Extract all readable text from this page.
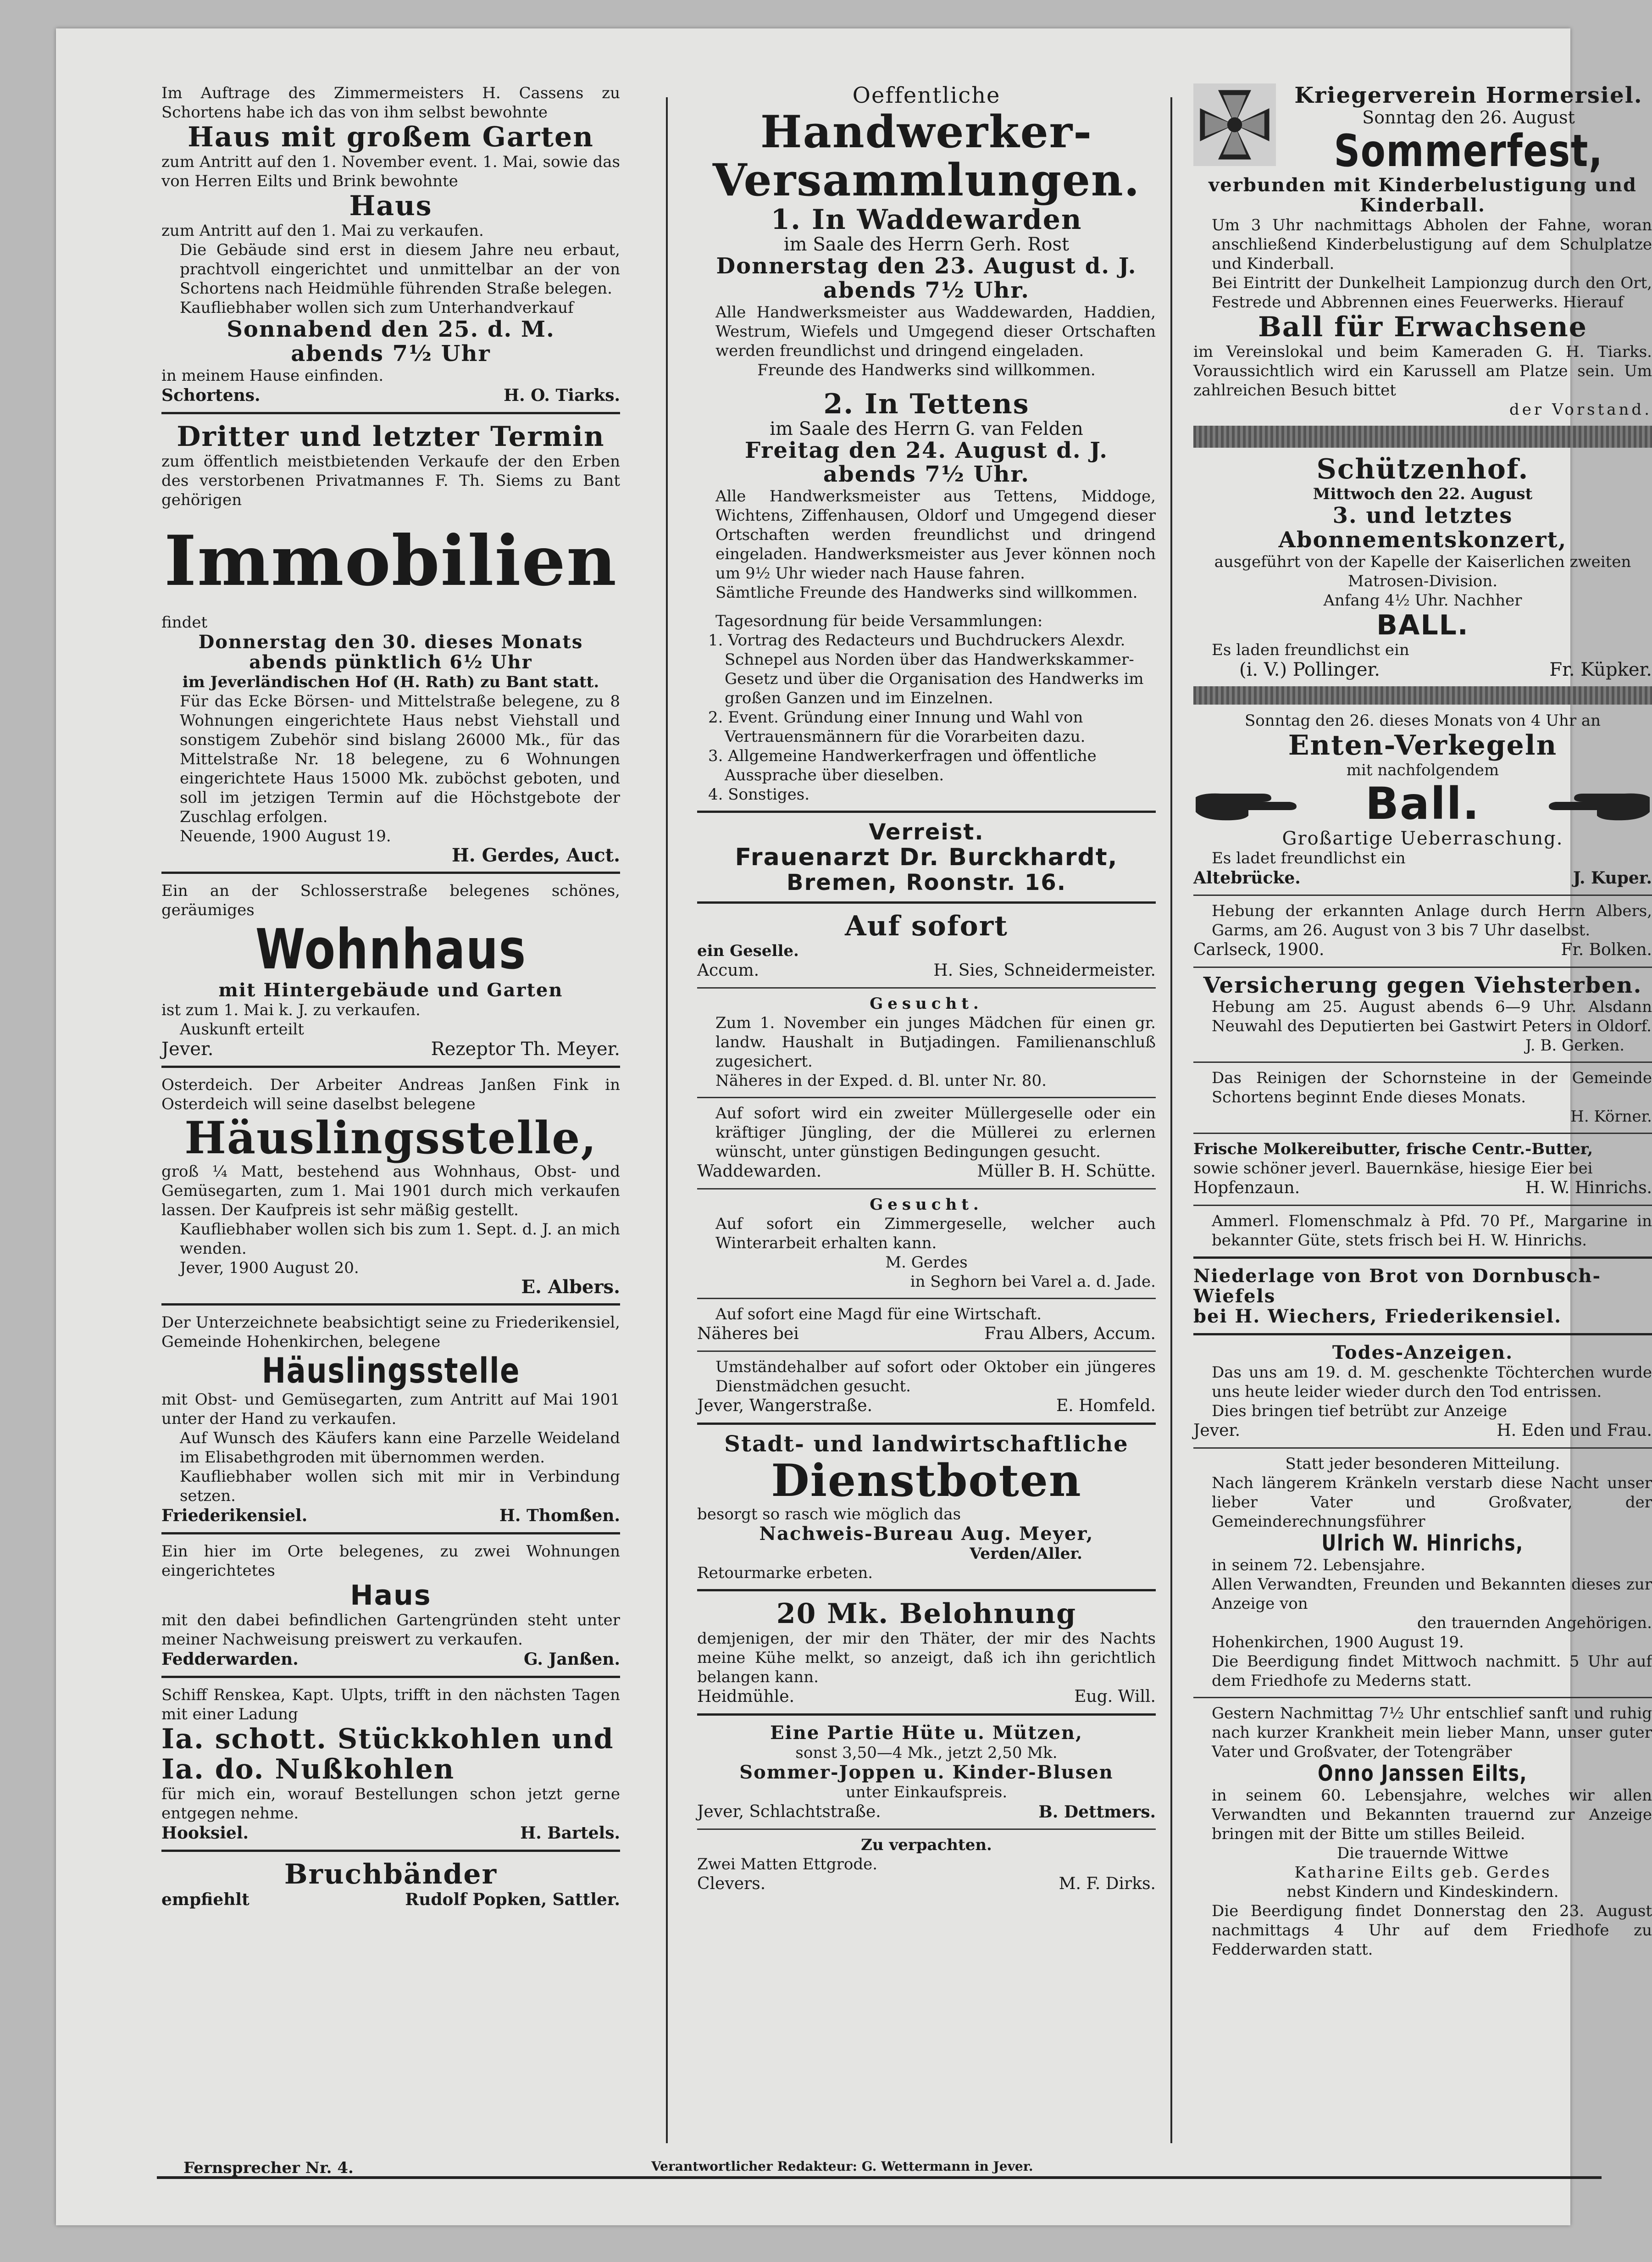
Im Auftrage des Zimmermeisters H. Cassens zu Schortens habe ich das von ihm selbst bewohnte
Haus mit großem Garten
zum Antritt auf den 1. November event. 1. Mai, sowie das von Herren Eilts und Brink bewohnte
Haus
zum Antritt auf den 1. Mai zu verkaufen.
Die Gebäude sind erst in diesem Jahre neu erbaut, prachtvoll eingerichtet und unmittelbar an der von Schortens nach Heidmühle führenden Straße belegen.
Kaufliebhaber wollen sich zum Unterhandverkauf
Sonnabend den 25. d. M.
abends 7½ Uhr
in meinem Hause einfinden.
Schortens.	H. O. Tiarks.
Dritter und letzter Termin
zum öffentlich meistbietenden Verkaufe der den Erben des verstorbenen Privatmannes F. Th. Siems zu Bant gehörigen
Immobilien
findet
Donnerstag den 30. dieses Monats
abends pünktlich 6½ Uhr
im Jeverländischen Hof (H. Rath) zu Bant statt.
Für das Ecke Börsen- und Mittelstraße belegene, zu 8 Wohnungen eingerichtete Haus nebst Viehstall und sonstigem Zubehör sind bislang 26000 Mk., für das Mittelstraße Nr. 18 belegene, zu 6 Wohnungen eingerichtete Haus 15000 Mk. zuböchst geboten, und soll im jetzigen Termin auf die Höchstgebote der Zuschlag erfolgen.
Neuende, 1900 August 19.
H. Gerdes, Auct.
Ein an der Schlosserstraße belegenes schönes, geräumiges
Wohnhaus
mit Hintergebäude und Garten
ist zum 1. Mai k. J. zu verkaufen.
Auskunft erteilt
Jever.	Rezeptor Th. Meyer.
Osterdeich. Der Arbeiter Andreas Janßen Fink in Osterdeich will seine daselbst belegene
Häuslingsstelle,
groß ¼ Matt, bestehend aus Wohnhaus, Obst- und Gemüsegarten, zum 1. Mai 1901 durch mich verkaufen lassen. Der Kaufpreis ist sehr mäßig gestellt.
Kaufliebhaber wollen sich bis zum 1. Sept. d. J. an mich wenden.
Jever, 1900 August 20.
E. Albers.
Der Unterzeichnete beabsichtigt seine zu Friederikensiel, Gemeinde Hohenkirchen, belegene
Häuslingsstelle
mit Obst- und Gemüsegarten, zum Antritt auf Mai 1901 unter der Hand zu verkaufen.
Auf Wunsch des Käufers kann eine Parzelle Weideland im Elisabethgroden mit übernommen werden.
Kaufliebhaber wollen sich mit mir in Verbindung setzen.
Friederikensiel.	H. Thomßen.
Ein hier im Orte belegenes, zu zwei Wohnungen eingerichtetes
Haus
mit den dabei befindlichen Gartengründen steht unter meiner Nachweisung preiswert zu verkaufen.
Fedderwarden.	G. Janßen.
Schiff Renskea, Kapt. Ulpts, trifft in den nächsten Tagen mit einer Ladung
Ia. schott. Stückkohlen und
Ia. do. Nußkohlen
für mich ein, worauf Bestellungen schon jetzt gerne entgegen nehme.
Hooksiel.	H. Bartels.
Bruchbänder
empfiehlt	Rudolf Popken, Sattler.
Oeffentliche
Handwerker-
Versammlungen.
1. In Waddewarden
im Saale des Herrn Gerh. Rost
Donnerstag den 23. August d. J.
abends 7½ Uhr.
Alle Handwerksmeister aus Waddewarden, Haddien, Westrum, Wiefels und Umgegend dieser Ortschaften werden freundlichst und dringend eingeladen.
Freunde des Handwerks sind willkommen.
2. In Tettens
im Saale des Herrn G. van Felden
Freitag den 24. August d. J.
abends 7½ Uhr.
Alle Handwerksmeister aus Tettens, Middoge, Wichtens, Ziffenhausen, Oldorf und Umgegend dieser Ortschaften werden freundlichst und dringend eingeladen. Handwerksmeister aus Jever können noch um 9½ Uhr wieder nach Hause fahren.
Sämtliche Freunde des Handwerks sind willkommen.
Tagesordnung für beide Versammlungen:
1. Vortrag des Redacteurs und Buchdruckers Alexdr. Schnepel aus Norden über das Handwerkskammer-Gesetz und über die Organisation des Handwerks im großen Ganzen und im Einzelnen.
2. Event. Gründung einer Innung und Wahl von Vertrauensmännern für die Vorarbeiten dazu.
3. Allgemeine Handwerkerfragen und öffentliche Aussprache über dieselben.
4. Sonstiges.
Verreist.
Frauenarzt Dr. Burckhardt,
Bremen, Roonstr. 16.
Auf sofort
ein Geselle.
Accum.	H. Sies, Schneidermeister.
Gesucht.
Zum 1. November ein junges Mädchen für einen gr. landw. Haushalt in Butjadingen. Familienanschluß zugesichert.
Näheres in der Exped. d. Bl. unter Nr. 80.
Auf sofort wird ein zweiter Müllergeselle oder ein kräftiger Jüngling, der die Müllerei zu erlernen wünscht, unter günstigen Bedingungen gesucht.
Waddewarden.	Müller B. H. Schütte.
Gesucht.
Auf sofort ein Zimmergeselle, welcher auch Winterarbeit erhalten kann.
M. Gerdes
in Seghorn bei Varel a. d. Jade.
Auf sofort eine Magd für eine Wirtschaft.
Näheres bei	Frau Albers, Accum.
Umständehalber auf sofort oder Oktober ein jüngeres Dienstmädchen gesucht.
Jever, Wangerstraße.	E. Homfeld.
Stadt- und landwirtschaftliche
Dienstboten
besorgt so rasch wie möglich das
Nachweis-Bureau Aug. Meyer,
Verden/Aller.
Retourmarke erbeten.
20 Mk. Belohnung
demjenigen, der mir den Thäter, der mir des Nachts meine Kühe melkt, so anzeigt, daß ich ihn gerichtlich belangen kann.
Heidmühle.	Eug. Will.
Eine Partie Hüte u. Mützen,
sonst 3,50—4 Mk., jetzt 2,50 Mk.
Sommer-Joppen u. Kinder-Blusen
unter Einkaufspreis.
Jever, Schlachtstraße.	B. Dettmers.
Zu verpachten.
Zwei Matten Ettgrode.
Clevers.	M. F. Dirks.
Kriegerverein Hormersiel.
Sonntag den 26. August
Sommerfest,
verbunden mit Kinderbelustigung und Kinderball.
Um 3 Uhr nachmittags Abholen der Fahne, woran anschließend Kinderbelustigung auf dem Schulplatze und Kinderball.
Bei Eintritt der Dunkelheit Lampionzug durch den Ort, Festrede und Abbrennen eines Feuerwerks. Hierauf
Ball für Erwachsene
im Vereinslokal und beim Kameraden G. H. Tiarks. Voraussichtlich wird ein Karussell am Platze sein. Um zahlreichen Besuch bittet
der Vorstand.
Schützenhof.
Mittwoch den 22. August
3. und letztes Abonnementskonzert,
ausgeführt von der Kapelle der Kaiserlichen zweiten Matrosen-Division.
Anfang 4½ Uhr. Nachher
BALL.
Es laden freundlichst ein
(i. V.) Pollinger.	Fr. Küpker.
Sonntag den 26. dieses Monats von 4 Uhr an
Enten-Verkegeln
mit nachfolgendem
Ball.
Großartige Ueberraschung.
Es ladet freundlichst ein
Altebrücke.	J. Kuper.
Hebung der erkannten Anlage durch Herrn Albers, Garms, am 26. August von 3 bis 7 Uhr daselbst.
Carlseck, 1900.	Fr. Bolken.
Versicherung gegen Viehsterben.
Hebung am 25. August abends 6—9 Uhr. Alsdann Neuwahl des Deputierten bei Gastwirt Peters in Oldorf.
J. B. Gerken.
Das Reinigen der Schornsteine in der Gemeinde Schortens beginnt Ende dieses Monats.
H. Körner.
Frische Molkereibutter, frische Centr.-Butter,
sowie schöner jeverl. Bauernkäse, hiesige Eier bei
Hopfenzaun.	H. W. Hinrichs.
Ammerl. Flomenschmalz à Pfd. 70 Pf., Margarine in bekannter Güte, stets frisch bei H. W. Hinrichs.
Niederlage von Brot von Dornbusch-Wiefels
bei H. Wiechers, Friederikensiel.
Todes-Anzeigen.
Das uns am 19. d. M. geschenkte Töchterchen wurde uns heute leider wieder durch den Tod entrissen.
Dies bringen tief betrübt zur Anzeige
Jever.	H. Eden und Frau.
Statt jeder besonderen Mitteilung.
Nach längerem Kränkeln verstarb diese Nacht unser lieber Vater und Großvater, der Gemeinderechnungsführer
Ulrich W. Hinrichs,
in seinem 72. Lebensjahre.
Allen Verwandten, Freunden und Bekannten dieses zur Anzeige von
den trauernden Angehörigen.
Hohenkirchen, 1900 August 19.
Die Beerdigung findet Mittwoch nachmitt. 5 Uhr auf dem Friedhofe zu Mederns statt.
Gestern Nachmittag 7½ Uhr entschlief sanft und ruhig nach kurzer Krankheit mein lieber Mann, unser guter Vater und Großvater, der Totengräber
Onno Janssen Eilts,
in seinem 60. Lebensjahre, welches wir allen Verwandten und Bekannten trauernd zur Anzeige bringen mit der Bitte um stilles Beileid.
Die trauernde Wittwe
Katharine Eilts geb. Gerdes
nebst Kindern und Kindeskindern.
Die Beerdigung findet Donnerstag den 23. August nachmittags 4 Uhr auf dem Friedhofe zu Fedderwarden statt.
Fernsprecher Nr. 4.	Verantwortlicher Redakteur: G. Wettermann in Jever.
